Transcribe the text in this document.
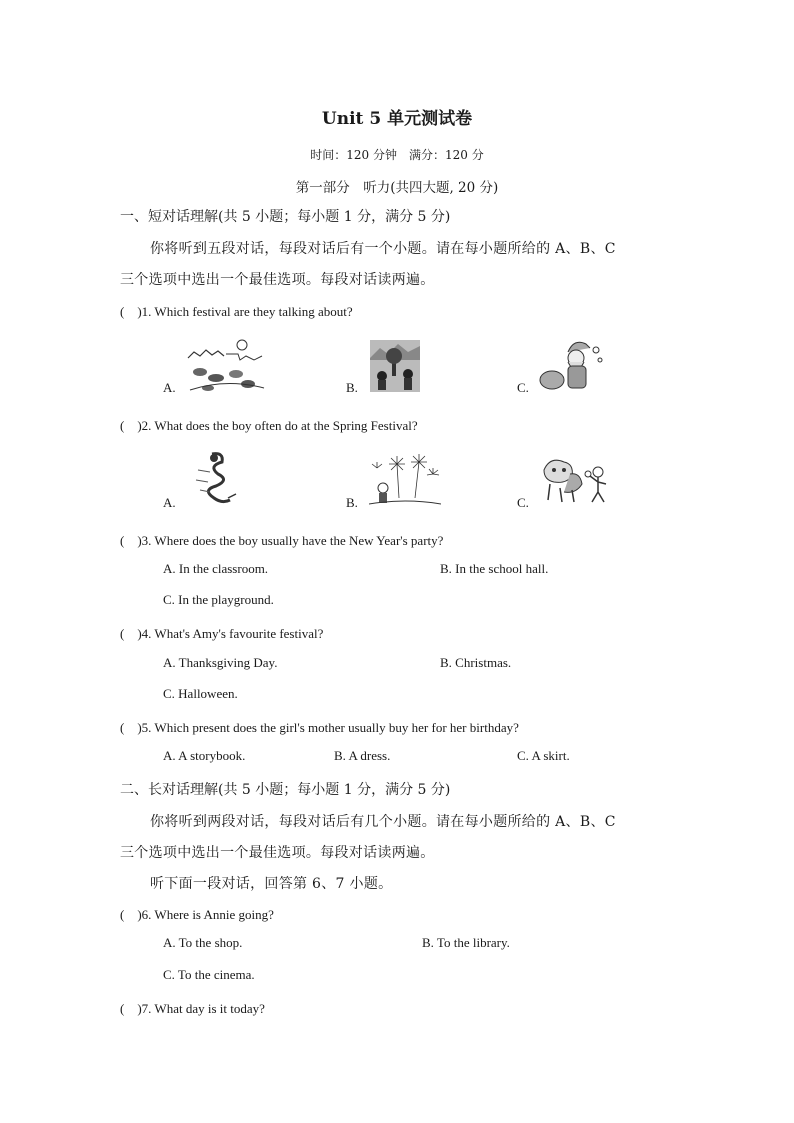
Unit 5 单元测试卷
时间：120 分钟　满分：120 分
第一部分　听力(共四大题, 20 分)
一、短对话理解(共 5 小题；每小题 1 分，满分 5 分)
你将听到五段对话，每段对话后有一个小题。请在每小题所给的 A、B、C
三个选项中选出一个最佳选项。每段对话读两遍。
(　)1. Which festival are they talking about?
A.	B.	C.
(　)2. What does the boy often do at the Spring Festival?
A.	B.	C.
(　)3. Where does the boy usually have the New Year's party?
A. In the classroom.	B. In the school hall.
C. In the playground.
(　)4. What's Amy's favourite festival?
A. Thanksgiving Day.	B. Christmas.
C. Halloween.
(　)5. Which present does the girl's mother usually buy her for her birthday?
A. A storybook.	B. A dress.	C. A skirt.
二、长对话理解(共 5 小题；每小题 1 分，满分 5 分)
你将听到两段对话，每段对话后有几个小题。请在每小题所给的 A、B、C
三个选项中选出一个最佳选项。每段对话读两遍。
听下面一段对话，回答第 6、7 小题。
(　)6. Where is Annie going?
A. To the shop.	B. To the library.
C. To the cinema.
(　)7. What day is it today?
